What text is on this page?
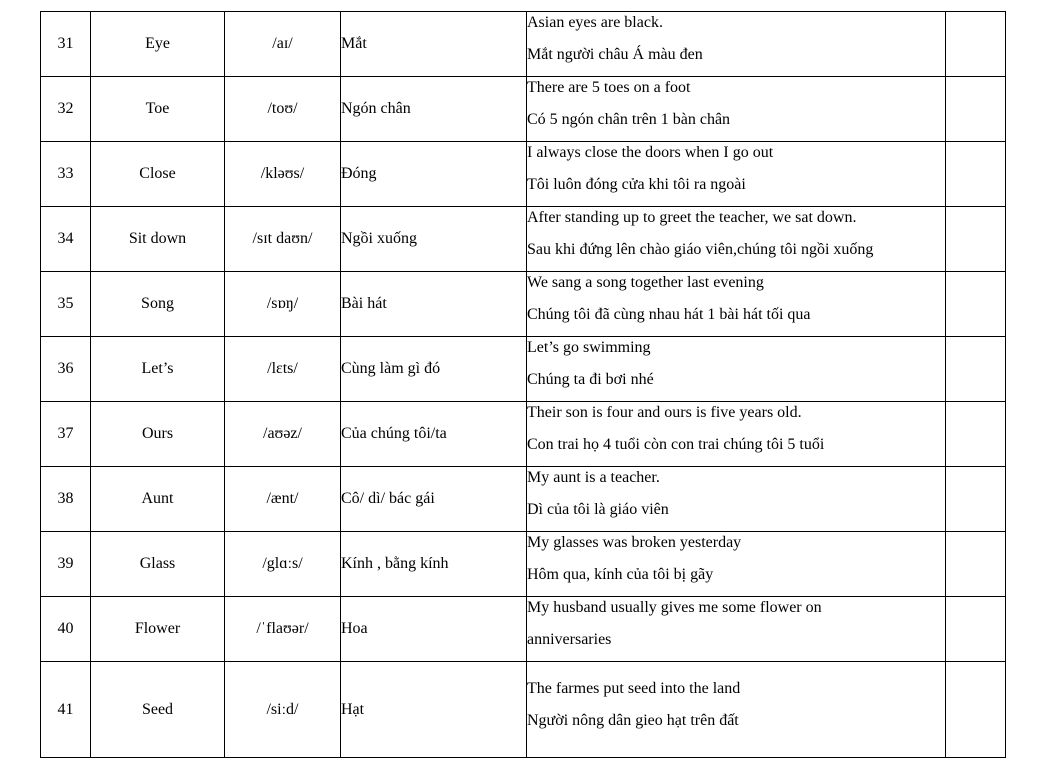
31	Eye	/aɪ/	Mắt	Asian eyes are black.
Mắt người châu Á màu đen	

32	Toe	/toʊ/	Ngón chân	There are 5 toes on a foot
Có 5 ngón chân trên 1 bàn chân	

33	Close	/kləʊs/	Đóng	I always close the doors when I go out
Tôi luôn đóng cửa khi tôi ra ngoài	

34	Sit down	/sɪt daʊn/	Ngồi xuống	After standing up to greet the teacher, we sat down.
Sau khi đứng lên chào giáo viên,chúng tôi ngồi xuống	

35	Song	/sɒŋ/	Bài hát	We sang a song together last evening
Chúng tôi đã cùng nhau hát 1 bài hát tối qua	

36	Let’s	/lɛts/	Cùng làm gì đó	Let’s go swimming
Chúng ta đi bơi nhé	

37	Ours	/aʊəz/	Của chúng tôi/ta	Their son is four and ours is five years old.
Con trai họ 4 tuổi còn con trai chúng tôi 5 tuổi	

38	Aunt	/ænt/	Cô/ dì/ bác gái	My aunt is a teacher.
Dì của tôi là giáo viên	

39	Glass	/glɑːs/	Kính , bằng kính	My glasses was broken yesterday
Hôm qua, kính của tôi bị gãy	

40	Flower	/ˈflaʊər/	Hoa	My husband usually gives me some flower on
anniversaries	

41	Seed	/siːd/	Hạt	The farmes put seed into the land
Người nông dân gieo hạt trên đất	
